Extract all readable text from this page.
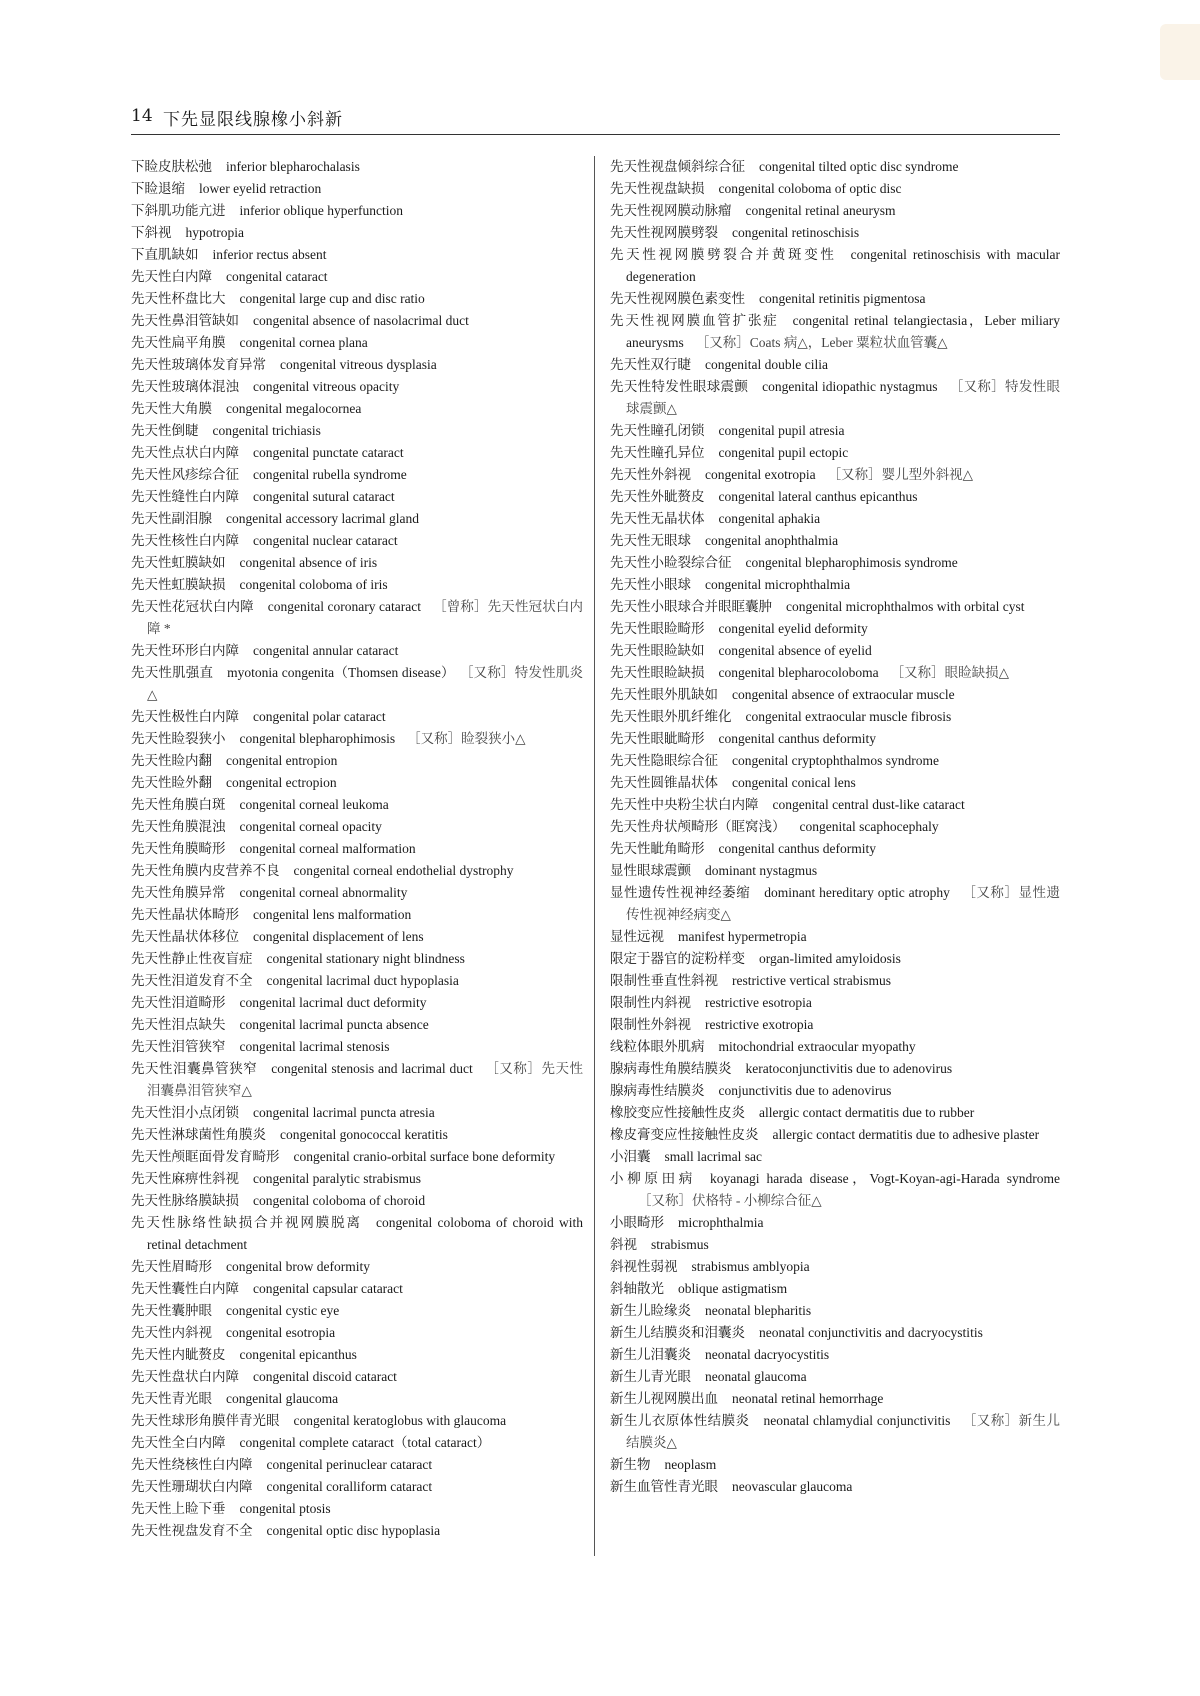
14 下先显限线腺橡小斜新

下睑皮肤松弛 inferior blepharochalasis

下睑退缩 lower eyelid retraction

下斜肌功能亢进 inferior oblique hyperfunction

下斜视 hypotropia

下直肌缺如 inferior rectus absent

先天性白内障 congenital cataract

先天性杯盘比大 congenital large cup and disc ratio

先天性鼻泪管缺如 congenital absence of nasolacrimal duct

先天性扁平角膜 congenital cornea plana

先天性玻璃体发育异常 congenital vitreous dysplasia

先天性玻璃体混浊 congenital vitreous opacity

先天性大角膜 congenital megalocornea

先天性倒睫 congenital trichiasis

先天性点状白内障 congenital punctate cataract

先天性风疹综合征 congenital rubella syndrome

先天性缝性白内障 congenital sutural cataract

先天性副泪腺 congenital accessory lacrimal gland

先天性核性白内障 congenital nuclear cataract

先天性虹膜缺如 congenital absence of iris

先天性虹膜缺损 congenital coloboma of iris

先天性花冠状白内障 congenital coronary cataract ［曾称］先天性冠状白内障 *

先天性环形白内障 congenital annular cataract

先天性肌强直 myotonia congenita（Thomsen disease） ［又称］特发性肌炎△

先天性极性白内障 congenital polar cataract

先天性睑裂狭小 congenital blepharophimosis ［又称］睑裂狭小△

先天性睑内翻 congenital entropion

先天性睑外翻 congenital ectropion

先天性角膜白斑 congenital corneal leukoma

先天性角膜混浊 congenital corneal opacity

先天性角膜畸形 congenital corneal malformation

先天性角膜内皮营养不良 congenital corneal endothelial dystrophy

先天性角膜异常 congenital corneal abnormality

先天性晶状体畸形 congenital lens malformation

先天性晶状体移位 congenital displacement of lens

先天性静止性夜盲症 congenital stationary night blindness

先天性泪道发育不全 congenital lacrimal duct hypoplasia

先天性泪道畸形 congenital lacrimal duct deformity

先天性泪点缺失 congenital lacrimal puncta absence

先天性泪管狭窄 congenital lacrimal stenosis

先天性泪囊鼻管狭窄 congenital stenosis and lacrimal duct ［又称］先天性泪囊鼻泪管狭窄△

先天性泪小点闭锁 congenital lacrimal puncta atresia

先天性淋球菌性角膜炎 congenital gonococcal keratitis

先天性颅眶面骨发育畸形 congenital cranio-orbital surface bone deformity

先天性麻痹性斜视 congenital paralytic strabismus

先天性脉络膜缺损 congenital coloboma of choroid

先天性脉络性缺损合并视网膜脱离 congenital coloboma of choroid with retinal detachment

先天性眉畸形 congenital brow deformity

先天性囊性白内障 congenital capsular cataract

先天性囊肿眼 congenital cystic eye

先天性内斜视 congenital esotropia

先天性内眦赘皮 congenital epicanthus

先天性盘状白内障 congenital discoid cataract

先天性青光眼 congenital glaucoma

先天性球形角膜伴青光眼 congenital keratoglobus with glaucoma

先天性全白内障 congenital complete cataract（total cataract）

先天性绕核性白内障 congenital perinuclear cataract

先天性珊瑚状白内障 congenital coralliform cataract

先天性上睑下垂 congenital ptosis

先天性视盘发育不全 congenital optic disc hypoplasia

先天性视盘倾斜综合征 congenital tilted optic disc syndrome

先天性视盘缺损 congenital coloboma of optic disc

先天性视网膜动脉瘤 congenital retinal aneurysm

先天性视网膜劈裂 congenital retinoschisis

先天性视网膜劈裂合并黄斑变性 congenital retinoschisis with macular degeneration

先天性视网膜色素变性 congenital retinitis pigmentosa

先天性视网膜血管扩张症 congenital retinal telangiectasia，Leber miliary aneurysms ［又称］Coats 病△，Leber 粟粒状血管囊△

先天性双行睫 congenital double cilia

先天性特发性眼球震颤 congenital idiopathic nystagmus ［又称］特发性眼球震颤△

先天性瞳孔闭锁 congenital pupil atresia

先天性瞳孔异位 congenital pupil ectopic

先天性外斜视 congenital exotropia ［又称］婴儿型外斜视△

先天性外眦赘皮 congenital lateral canthus epicanthus

先天性无晶状体 congenital aphakia

先天性无眼球 congenital anophthalmia

先天性小睑裂综合征 congenital blepharophimosis syndrome

先天性小眼球 congenital microphthalmia

先天性小眼球合并眼眶囊肿 congenital microphthalmos with orbital cyst

先天性眼睑畸形 congenital eyelid deformity

先天性眼睑缺如 congenital absence of eyelid

先天性眼睑缺损 congenital blepharocoloboma ［又称］眼睑缺损△

先天性眼外肌缺如 congenital absence of extraocular muscle

先天性眼外肌纤维化 congenital extraocular muscle fibrosis

先天性眼眦畸形 congenital canthus deformity

先天性隐眼综合征 congenital cryptophthalmos syndrome

先天性圆锥晶状体 congenital conical lens

先天性中央粉尘状白内障 congenital central dust-like cataract

先天性舟状颅畸形（眶窝浅） congenital scaphocephaly

先天性眦角畸形 congenital canthus deformity

显性眼球震颤 dominant nystagmus

显性遗传性视神经萎缩 dominant hereditary optic atrophy ［又称］显性遗传性视神经病变△

显性远视 manifest hypermetropia

限定于器官的淀粉样变 organ-limited amyloidosis

限制性垂直性斜视 restrictive vertical strabismus

限制性内斜视 restrictive esotropia

限制性外斜视 restrictive exotropia

线粒体眼外肌病 mitochondrial extraocular myopathy

腺病毒性角膜结膜炎 keratoconjunctivitis due to adenovirus

腺病毒性结膜炎 conjunctivitis due to adenovirus

橡胶变应性接触性皮炎 allergic contact dermatitis due to rubber

橡皮膏变应性接触性皮炎 allergic contact dermatitis due to adhesive plaster

小泪囊 small lacrimal sac

小柳原田病 koyanagi harada disease，Vogt-Koyan-agi-Harada syndrome［又称］伏格特 - 小柳综合征△

小眼畸形 microphthalmia

斜视 strabismus

斜视性弱视 strabismus amblyopia

斜轴散光 oblique astigmatism

新生儿睑缘炎 neonatal blepharitis

新生儿结膜炎和泪囊炎 neonatal conjunctivitis and dacryocystitis

新生儿泪囊炎 neonatal dacryocystitis

新生儿青光眼 neonatal glaucoma

新生儿视网膜出血 neonatal retinal hemorrhage

新生儿衣原体性结膜炎 neonatal chlamydial conjunctivitis ［又称］新生儿结膜炎△

新生物 neoplasm

新生血管性青光眼 neovascular glaucoma
